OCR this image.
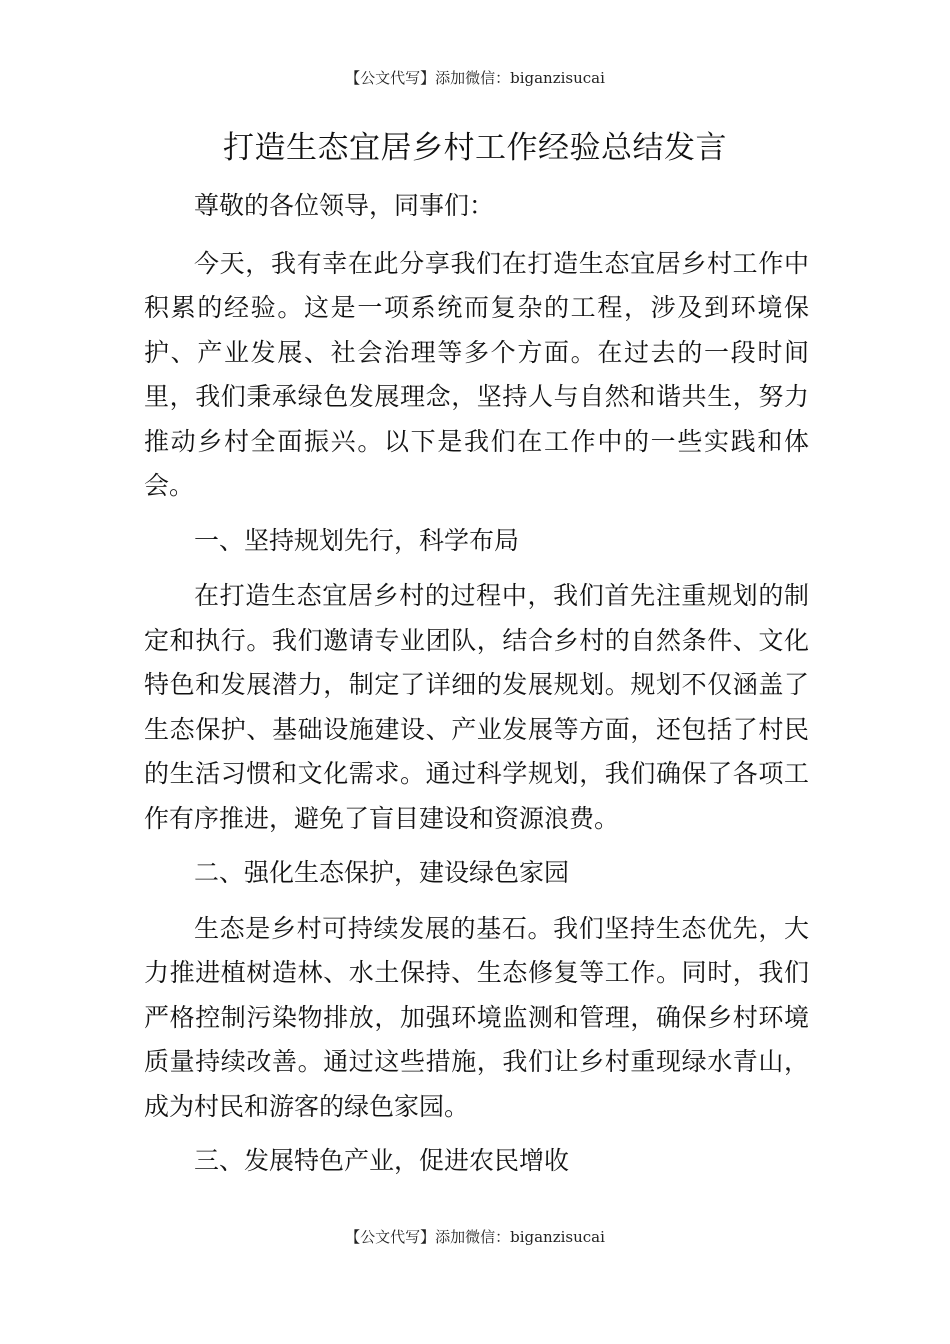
【公文代写】添加微信：biganzisucai
打造生态宜居乡村工作经验总结发言

尊敬的各位领导，同事们：

今天，我有幸在此分享我们在打造生态宜居乡村工作中积累的经验。这是一项系统而复杂的工程，涉及到环境保护、产业发展、社会治理等多个方面。在过去的一段时间里，我们秉承绿色发展理念，坚持人与自然和谐共生，努力推动乡村全面振兴。以下是我们在工作中的一些实践和体会。

一、坚持规划先行，科学布局

在打造生态宜居乡村的过程中，我们首先注重规划的制定和执行。我们邀请专业团队，结合乡村的自然条件、文化特色和发展潜力，制定了详细的发展规划。规划不仅涵盖了生态保护、基础设施建设、产业发展等方面，还包括了村民的生活习惯和文化需求。通过科学规划，我们确保了各项工作有序推进，避免了盲目建设和资源浪费。

二、强化生态保护，建设绿色家园

生态是乡村可持续发展的基石。我们坚持生态优先，大力推进植树造林、水土保持、生态修复等工作。同时，我们严格控制污染物排放，加强环境监测和管理，确保乡村环境质量持续改善。通过这些措施，我们让乡村重现绿水青山，成为村民和游客的绿色家园。

三、发展特色产业，促进农民增收

【公文代写】添加微信：biganzisucai
